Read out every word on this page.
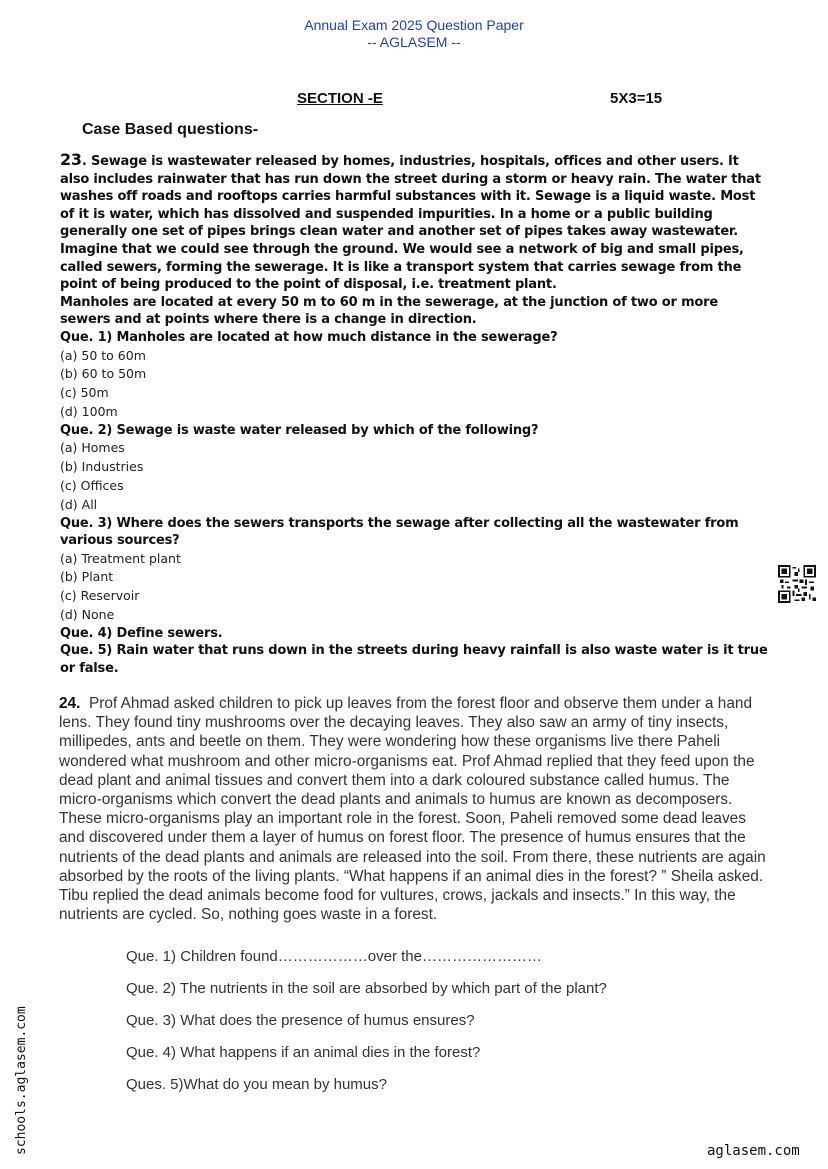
Annual Exam 2025 Question Paper
-- AGLASEM --
SECTION -E	5X3=15
Case Based questions-
23. Sewage is wastewater released by homes, industries, hospitals, offices and other users. It also includes rainwater that has run down the street during a storm or heavy rain. The water that washes off roads and rooftops carries harmful substances with it. Sewage is a liquid waste. Most of it is water, which has dissolved and suspended impurities. In a home or a public building generally one set of pipes brings clean water and another set of pipes takes away wastewater. Imagine that we could see through the ground. We would see a network of big and small pipes, called sewers, forming the sewerage. It is like a transport system that carries sewage from the point of being produced to the point of disposal, i.e. treatment plant.
Manholes are located at every 50 m to 60 m in the sewerage, at the junction of two or more sewers and at points where there is a change in direction.
Que. 1) Manholes are located at how much distance in the sewerage?
(a) 50 to 60m
(b) 60 to 50m
(c) 50m
(d) 100m
Que. 2) Sewage is waste water released by which of the following?
(a) Homes
(b) Industries
(c) Offices
(d) All
Que. 3) Where does the sewers transports the sewage after collecting all the wastewater from various sources?
(a) Treatment plant
(b) Plant
(c) Reservoir
(d) None
Que. 4) Define sewers.
Que. 5) Rain water that runs down in the streets during heavy rainfall is also waste water is it true or false.
24. Prof Ahmad asked children to pick up leaves from the forest floor and observe them under a hand lens. They found tiny mushrooms over the decaying leaves. They also saw an army of tiny insects, millipedes, ants and beetle on them. They were wondering how these organisms live there Paheli wondered what mushroom and other micro-organisms eat. Prof Ahmad replied that they feed upon the dead plant and animal tissues and convert them into a dark coloured substance called humus. The micro-organisms which convert the dead plants and animals to humus are known as decomposers. These micro-organisms play an important role in the forest. Soon, Paheli removed some dead leaves and discovered under them a layer of humus on forest floor. The presence of humus ensures that the nutrients of the dead plants and animals are released into the soil. From there, these nutrients are again absorbed by the roots of the living plants. “What happens if an animal dies in the forest? ” Sheila asked. Tibu replied the dead animals become food for vultures, crows, jackals and insects.” In this way, the nutrients are cycled. So, nothing goes waste in a forest.
Que. 1) Children found………………over the……………………
Que. 2) The nutrients in the soil are absorbed by which part of the plant?
Que. 3) What does the presence of humus ensures?
Que. 4) What happens if an animal dies in the forest?
Ques. 5)What do you mean by humus?
schools.aglasem.com	aglasem.com
